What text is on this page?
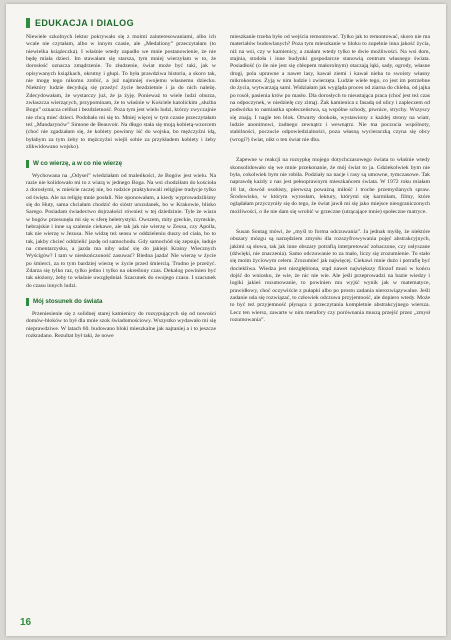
EDUKACJA I DIALOG

Niewiele szkolnych lektur pokrywało się z moimi zainteresowaniami, albo ich wcale nie czytałam, albo w innym czasie, ale „Medaliony” przeczytałam (to niewielka książeczka). I właśnie wtedy zapadło we mnie postanowienie, że nie będę miała dzieci. Im stawałam się starsza, tym mniej wierzyłam w to, że dorosłość oznacza zmądrzenie. To złudzenie, świat może być taki, jak w opisywanych książkach, okrutny i głupi. To była prawdziwa historia, a skoro tak, nie mogę tego nikomu zrobić, a już najmniej swojemu własnemu dziecku. Niektóry ludzie decydują się przeżyć życie bezdzietnie i ja do nich należę. Zdecydowałam, że wystarczy już, że ja żyję. Ponieważ to wiele ludzi oburza, zwłaszcza wierzących, przypominam, że to właśnie w Kościele katolickim „służba Bogu” oznacza celibat i bezdzietność. Poza tym jest wielu ludzi, którzy zwyczajnie nie chcą mieć dzieci. Podobało mi się to. Mniej więcej w tym czasie przeczytałam też „Mandarynów” Simone de Beauvoir. Na długo stała się moją kobietą-wzorcem (choć nie zgadzałam się, że kobiety powinny iść do wojska, bo mężczyźni idą, byłabym za tym żeby to mężczyźni wiejli sobie za przykładem kobiety i żeby zlikwidowano wojsko).

W co wierzę, a w co nie wierzę

Wychowana na „Odysei” wiedziałam od maleńkości, że Bogów jest wielu. Na razie nie kolidowało mi to z wiarą w jednego Boga. Na wsi chodziłam do kościoła z dorosłymi, w mieście raczej nie, bo rodzice praktykowali religijne tradycje tylko od święta. Ale na religię mnie posłali. Nie oponowałam, a kiedy wyprowadziliśmy się do Huty, sama chciałam chodzić do sióstr urszulanek, bo w Krakowie, blisko Sarego. Posiadam świadectwo dojrzałości również w tej dziedzinie. Tyle że wiara w bogów przesunęła mi się w sferę beletrystyki. Owszem, mity greckie, rzymskie, hebrajskie i inne są szalenie ciekawe, ale tak jak nie wierzę w Zeusa, czy Apolla, tak nie wierzę w Jezusa. Nie widzę też sensu w oddzieleniu duszy od ciała, bo to tak, jakby chcieć oddzielić jazdę od samochodu. Gdy samochód się zepsuje, ładuje na cmentarzysku, a jazda ma niby udać się do jakiejś Krainy Wiecznych Wyścigów? I tam w nieskończoność zasuwać? Biedna jazda! Nie wierzę w życie po śmierci, za to tym bardziej wierzę w życie przed śmiercią. Trudno je przeżyć. Zdarza się tylko raz, tylko jedno i tylko na określony czas. Dekalog powinien być tak ułożony, żeby to właśnie uwzględniał. Szacunek do swojego czasu. I szacunek do czasu innych ludzi.

Mój stosunek do świata

Przeniesienie się z solidnej starej kamienicy do rozsypujących się od nowości domów-bloków to był dla mnie szok świadomościowy. Wszystko wydawało mi się nieprawdziwe. W latach 60. budowano bloki mieszkalne jak najtaniej a i to jeszcze rozkradano. Rezultat był taki, że nowe

mieszkanie trzeba było od wejścia remontować. Tylko jak to remontować, skoro nie ma materiałów budowlanych? Poza tym mieszkanie w bloku to zupełnie inna jakość życia, niż na wsi, czy w kamienicy, a znałam wtedy tylko te dwie możliwości. Na wsi dom, stajnia, stodoła i inne budynki gospodarcze stanowią centrum własnego świata. Posiadłość (o ile nie jest się chłopem małorolnym) otaczają łąki, sady, ogrody, własne drogi, pola uprawne a nawet lasy, kawał ziemi i kawał nieba to swoisty własny mikrokosmos. Żyją w nim ludzie i zwierzęta. Ludzie wiele tego, co jest im potrzebne do życia, wytwarzają sami. Widziałam jak wygląda proces od ziarna do chleba, od jajka po rosół, pasienia krów po masło. Dla dorosłych to nieustająca praca (choć jest też czas na odpoczynek, w niedzielę czy zimą). Żak kamienica z fasadą od ulicy i zapleczem od podwórka to namiastka społeczeństwa, są wspólne schody, piwnice, strychy. Wszyscy się znają. I nagle ten blok. Otwarty dookoła, wystawiony z każdej strony na wiatr, ludzie anonimowi, żadnego zewnątrz i wewnątrz. Nie ma poczucia wspólnoty, stabilności, poczucie odpowiedzialności, poza własną wycieraczką czyna się obcy (wrogi?) świat, nikt o ten świat nie dba.

Zapewne w reakcji na rozsypkę mojego dotychczasowego świata to właśnie wtedy skonsolidowało się we mnie przekonanie, że mój świat to ja. Gdziekolwiek bym nie była, cokolwiek bym nie robiła. Podziały na nacje i rasy są umowne, tymczasowe. Tak naprawdę każdy z nas jest pełnoprawnym mieszkańcem świata. W 1972 roku miałam 18 lat, dowód osobisty, pierwszą poważną miłość i troche przemyślanych spraw. Środowisko, w którym wyrosłam, lektury, którymi się karmiłam, filmy, które oglądałam przyczyniły się do tego, że świat jawił mi się jako miejsce nieograniczonych możliwości, o ile nie dam się wrobić w grzeczne (utrącające mnie) społeczne matryce.

Susan Sontag mówi, że „myśl to forma odczuwania”. Ja jednak myślę, że niektóre obszary mózgu są narzędziem zmysłu dla rozszyfrowywania pojęć abstrakcyjnych, jakimi są słowa, tak jak inne obszary potrafią interpretować zobaczone, czy usłyszane (dźwięki, nie znaczenia). Samo odczuwanie to za mało, liczy się zrozumienie. To stało się moim życiowym celem. Zrozumieć jak najwięcej. Ciekawi mnie dużo i potrafię być dociekliwa. Wiedza jest niezgłębiona, stąd nawet największy filozof musi w końcu dojść do wniosku, że wie, że nic nie wie. Ale jeśli przeprowadzi na bazie wiedzy i logiki jakieś rozumowanie, to powinien mu wyjść wynik jak w matematyce, prawidłowy, choć oczywiście z pułapki albo po prostu zadania nierozwiązywalne. Jeśli zadanie uda się rozwiązać, to człowiek odczuwa przyjemność, ale dopiero wtedy. Może to być też przyjemność płynąca z przeczytania kompletnie abstrakcyjnego wiersza. Lecz ten wiersz, zawarte w nim metafory czy porównania muszą przejść przez „zmysł rozumowania”.

16
